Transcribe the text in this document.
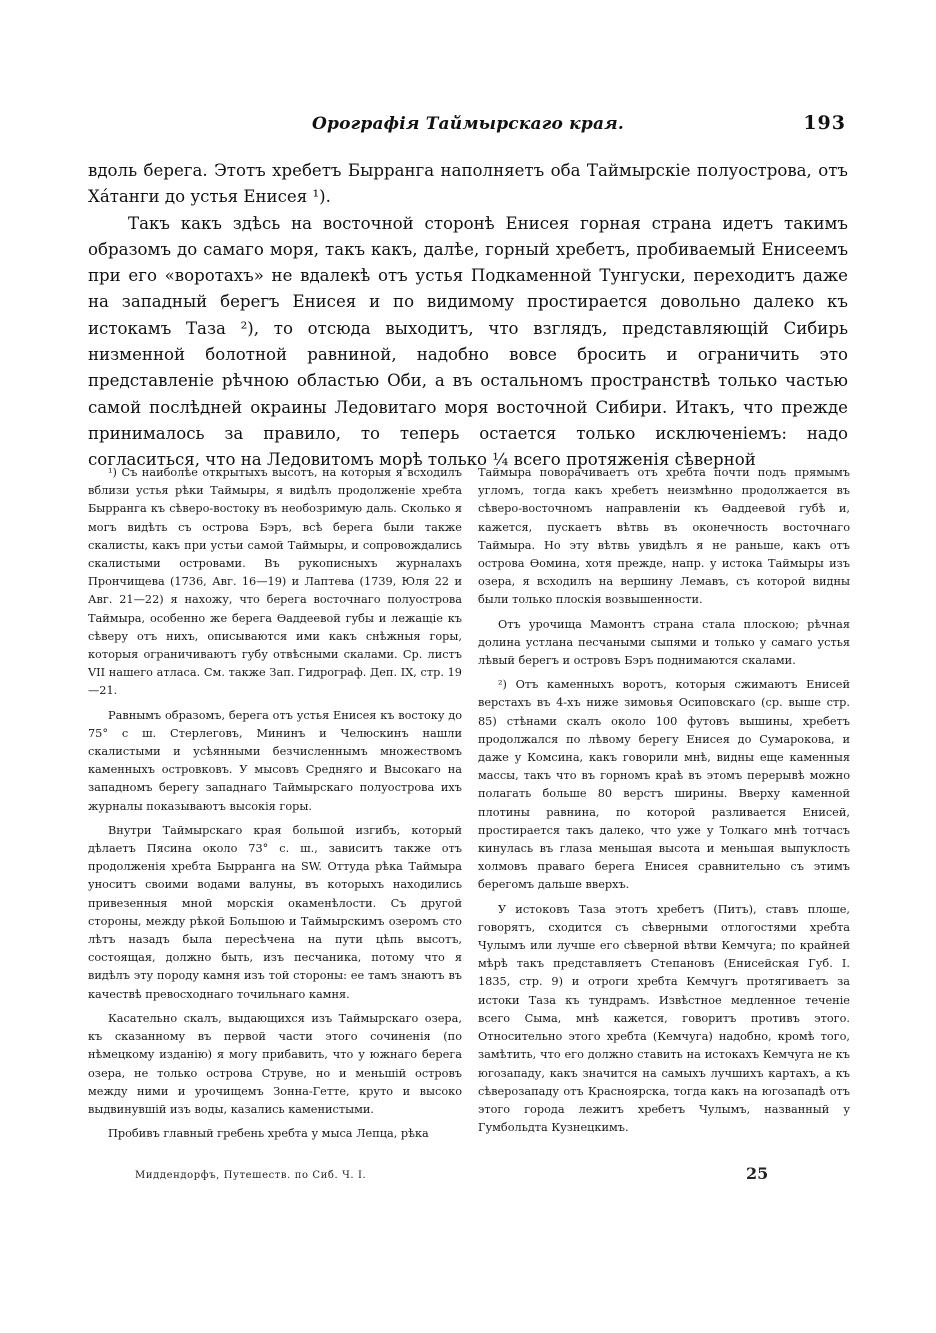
Орографія Таймырскаго края.	193

вдоль берега. Этотъ хребетъ Бырранга наполняетъ оба Таймырскіе полуострова, отъ Хáтанги до устья Енисея ¹).

Такъ какъ здѣсь на восточной сторонѣ Енисея горная страна идетъ такимъ образомъ до самаго моря, такъ какъ, далѣе, горный хребетъ, пробиваемый Енисеемъ при его «воротахъ» не вдалекѣ отъ устья Подкаменной Тунгуски, переходитъ даже на западный берегъ Енисея и по видимому простирается довольно далеко къ истокамъ Таза ²), то отсюда выходитъ, что взглядъ, представляющій Сибирь низменной болотной равниной, надобно вовсе бросить и ограничить это представленіе рѣчною областью Оби, а въ остальномъ пространствѣ только частью самой послѣдней окраины Ледовитаго моря восточной Сибири. Итакъ, что прежде принималось за правило, то теперь остается только исключеніемъ: надо согласиться, что на Ледовитомъ морѣ только ¼ всего протяженія сѣверной

¹) Съ наиболѣе открытыхъ высотъ, на которыя я всходилъ вблизи устья рѣки Таймыры, я видѣлъ продолженіе хребта Бырранга къ сѣверо-востоку въ необозримую даль. Сколько я могъ видѣть съ острова Бэръ, всѣ берега были также скалисты, какъ при устьи самой Таймыры, и сопровождались скалистыми островами. Въ рукописныхъ журналахъ Прончищева (1736, Авг. 16—19) и Лаптева (1739, Юля 22 и Авг. 21—22) я нахожу, что берега восточнаго полуострова Таймыра, особенно же берега Ѳаддеевой губы и лежащіе къ сѣверу отъ нихъ, описываются ими какъ снѣжныя горы, которыя ограничиваютъ губу отвѣсными скалами. Ср. листъ VII нашего атласа. См. также Зап. Гидрограф. Деп. IX, стр. 19—21.

Равнымъ образомъ, берега отъ устья Енисея къ востоку до 75° с ш. Стерлеговъ, Мининъ и Челюскинъ нашли скалистыми и усѣянными безчисленнымъ множествомъ каменныхъ островковъ. У мысовъ Средняго и Высокаго на западномъ берегу западнаго Таймырскаго полуострова ихъ журналы показываютъ высокія горы.

Внутри Таймырскаго края большой изгибъ, который дѣлаетъ Пясина около 73° с. ш., зависитъ также отъ продолженія хребта Бырранга на SW. Оттуда рѣка Таймыра уноситъ своими водами валуны, въ которыхъ находились привезенныя мной морскія окаменѣлости. Съ другой стороны, между рѣкой Большою и Таймырскимъ озеромъ сто лѣтъ назадъ была пересѣчена на пути цѣпь высотъ, состоящая, должно быть, изъ песчаника, потому что я видѣлъ эту породу камня изъ той стороны: ее тамъ знаютъ въ качествѣ превосходнаго точильнаго камня.

Касательно скалъ, выдающихся изъ Таймырскаго озера, къ сказанному въ первой части этого сочиненія (по нѣмецкому изданію) я могу прибавить, что у южнаго берега озера, не только острова Струве, но и меньшій островъ между ними и урочищемъ Зонна-Гетте, круто и высоко выдвинувшій изъ воды, казались каменистыми.

Пробивъ главный гребень хребта у мыса Лепца, рѣка

Таймыра поворачиваетъ отъ хребта почти подъ прямымъ угломъ, тогда какъ хребетъ неизмѣнно продолжается въ сѣверо-восточномъ направленіи къ Ѳаддеевой губѣ и, кажется, пускаетъ вѣтвь въ оконечность восточнаго Таймыра. Но эту вѣтвь увидѣлъ я не раньше, какъ отъ острова Ѳомина, хотя прежде, напр. у истока Таймыры изъ озера, я всходилъ на вершину Лемавъ, съ которой видны были только плоскія возвышенности.

Отъ урочища Мамонтъ страна стала плоскою; рѣчная долина устлана песчаными сыпями и только у самаго устья лѣвый берегъ и островъ Бэръ поднимаются скалами.

²) Отъ каменныхъ воротъ, которыя сжимаютъ Енисей верстахъ въ 4-хъ ниже зимовья Осиповскаго (ср. выше стр. 85) стѣнами скалъ около 100 футовъ вышины, хребетъ продолжался по лѣвому берегу Енисея до Сумарокова, и даже у Комсина, какъ говорили мнѣ, видны еще каменныя массы, такъ что въ горномъ краѣ въ этомъ перерывѣ можно полагать больше 80 верстъ ширины. Вверху каменной плотины равнина, по которой разливается Енисей, простирается такъ далеко, что уже у Толкаго мнѣ тотчасъ кинулась въ глаза меньшая высота и меньшая выпуклость холмовъ праваго берега Енисея сравнительно съ этимъ берегомъ дальше вверхъ.

У истоковъ Таза этотъ хребетъ (Питъ), ставъ плоше, говорятъ, сходится съ сѣверными отлогостями хребта Чулымъ или лучше его сѣверной вѣтви Кемчуга; по крайней мѣрѣ такъ представляетъ Степановъ (Енисейская Губ. I. 1835, стр. 9) и отроги хребта Кемчугъ протягиваетъ за истоки Таза къ тундрамъ. Извѣстное медленное теченіе всего Сыма, мнѣ кажется, говоритъ противъ этого. Относительно этого хребта (Кемчуга) надобно, кромѣ того, замѣтить, что его должно ставить на истокахъ Кемчуга не къ югозападу, какъ значится на самыхъ лучшихъ картахъ, а къ сѣверозападу отъ Красноярска, тогда какъ на югозападѣ отъ этого города лежитъ хребетъ Чулымъ, названный у Гумбольдта Кузнецкимъ.

Миддендорфъ, Путешеств. по Сиб. Ч. I.	25
